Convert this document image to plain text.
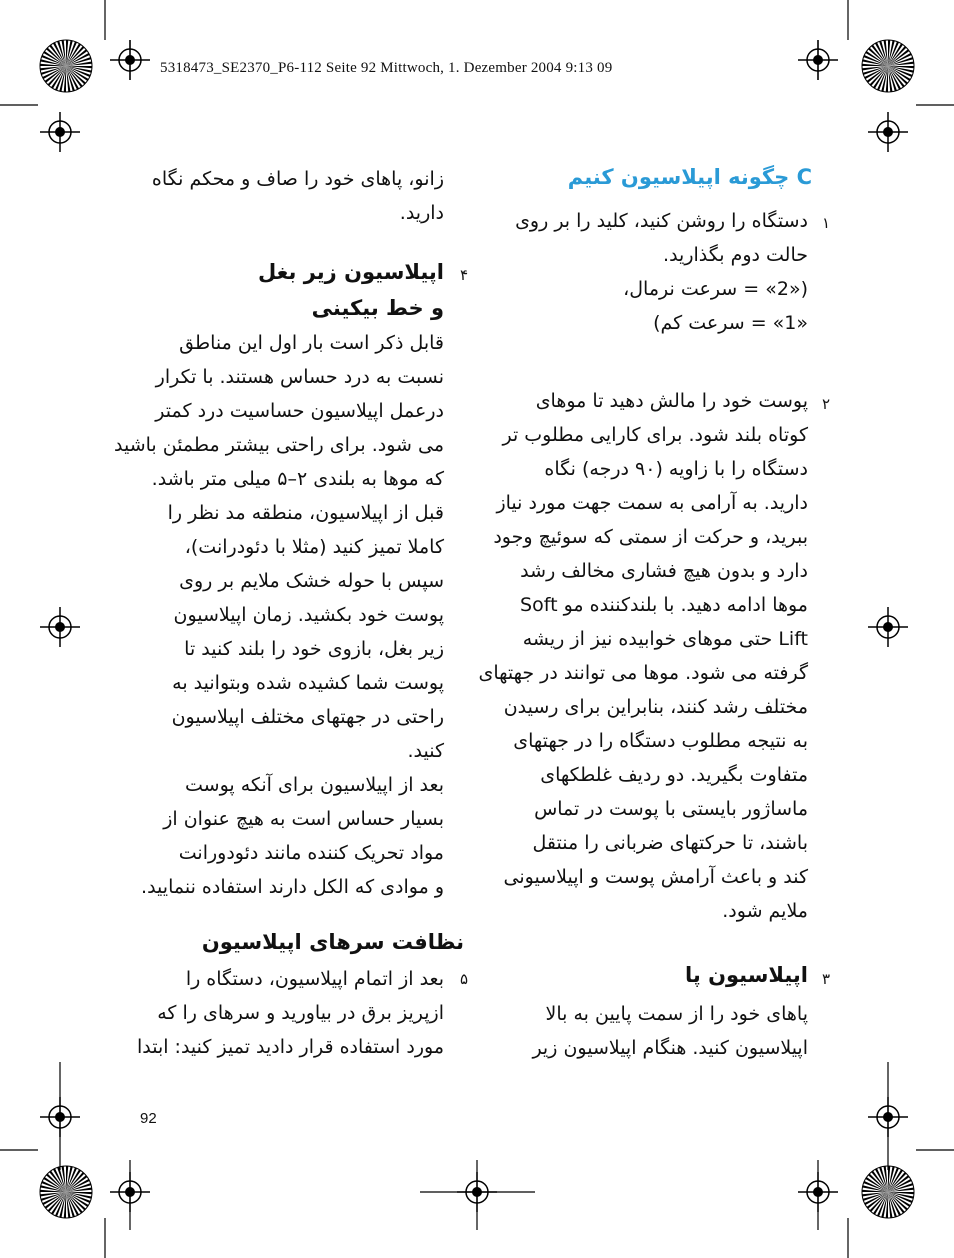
5318473_SE2370_P6-112 Seite 92 Mittwoch, 1. Dezember 2004 9:13 09
C چگونه اپیلاسیون کنیم
۱
دستگاه را روشن کنید، کلید را بر روی
حالت دوم بگذارید.
(«2» = سرعت نرمال،
«1» = سرعت کم)
۲
پوست خود را مالش دهید تا موهای
کوتاه بلند شود. برای کارایی مطلوب تر
دستگاه را با زاویه (۹۰ درجه) نگاه
دارید. به آرامی به سمت جهت مورد نیاز
ببرید، و حرکت از سمتی که سوئیچ وجود
دارد و بدون هیچ فشاری مخالف رشد
موها ادامه دهید. با بلندکننده مو Soft
Lift حتی موهای خوابیده نیز از ریشه
گرفته می شود. موها می توانند در جهتهای
مختلف رشد کنند، بنابراین برای رسیدن
به نتیجه مطلوب دستگاه را در جهتهای
متفاوت بگیرید. دو ردیف غلطکهای
ماساژور بایستی با پوست در تماس
باشند، تا حرکتهای ضربانی را منتقل
کند و باعث آرامش پوست و اپیلاسیونی
ملایم شود.
۳
اپیلاسیون پا
پاهای خود را از سمت پایین به بالا
اپیلاسیون کنید. هنگام اپیلاسیون زیر
زانو، پاهای خود را صاف و محکم نگاه
دارید.
۴
اپیلاسیون زیر بغل
و خط بیکینی
قابل ذکر است بار اول این مناطق
نسبت به درد حساس هستند. با تکرار
درعمل اپیلاسیون حساسیت درد کمتر
می شود. برای راحتی بیشتر مطمئن باشید
که موها به بلندی ۲–۵ میلی متر باشد.
قبل از اپیلاسیون، منطقه مد نظر را
کاملا تمیز کنید (مثلا با دئودرانت)،
سپس با حوله خشک ملایم بر روی
پوست خود بکشید. زمان اپیلاسیون
زیر بغل، بازوی خود را بلند کنید تا
پوست شما کشیده شده وبتوانید به
راحتی در جهتهای مختلف اپیلاسیون
کنید.
بعد از اپیلاسیون برای آنکه پوست
بسیار حساس است به هیچ عنوان از
مواد تحریک کننده مانند دئودورانت
و موادی که الکل دارند استفاده ننمایید.
نظافت سرهای اپیلاسیون
۵
بعد از اتمام اپیلاسیون، دستگاه را
ازپریز برق در بیاورید و سرهای را که
مورد استفاده قرار دادید تمیز کنید: ابتدا
92
